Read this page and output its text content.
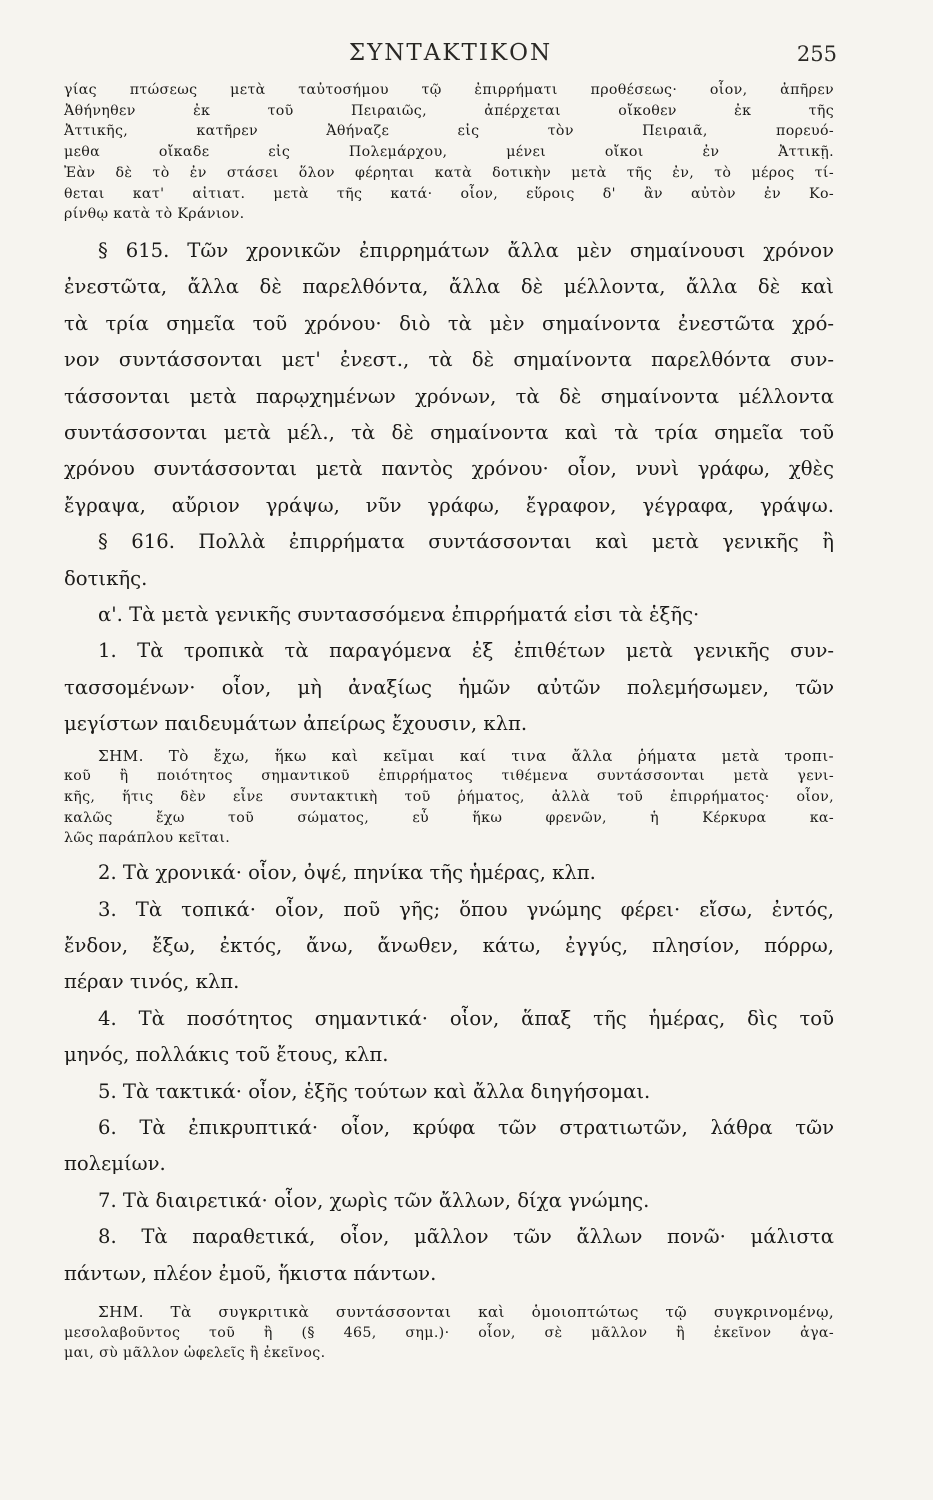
ΣΥΝΤΑΚΤΙΚΟΝ	255
γίας πτώσεως μετὰ ταὐτοσήμου τῷ ἐπιρρήματι προθέσεως· οἷον, ἀπῆρεν
Ἀθήνηθεν ἐκ τοῦ Πειραιῶς, ἀπέρχεται οἴκοθεν ἐκ τῆς
Ἀττικῆς, κατῆρεν Ἀθήναζε εἰς τὸν Πειραιᾶ, πορευό-
μεθα οἴκαδε εἰς Πολεμάρχου, μένει οἴκοι ἐν Ἀττικῇ.
Ἐὰν δὲ τὸ ἐν στάσει ὅλον φέρηται κατὰ δοτικὴν μετὰ τῆς ἐν, τὸ μέρος τί-
θεται κατ' αἰτιατ. μετὰ τῆς κατά· οἷον, εὕροις δ' ἂν αὐτὸν ἐν Κο-
ρίνθῳ κατὰ τὸ Κράνιον.
§ 615. Τῶν χρονικῶν ἐπιρρημάτων ἄλλα μὲν σημαίνουσι χρόνον
ἐνεστῶτα, ἄλλα δὲ παρελθόντα, ἄλλα δὲ μέλλοντα, ἄλλα δὲ καὶ
τὰ τρία σημεῖα τοῦ χρόνου· διὸ τὰ μὲν σημαίνοντα ἐνεστῶτα χρό-
νον συντάσσονται μετ' ἐνεστ., τὰ δὲ σημαίνοντα παρελθόντα συν-
τάσσονται μετὰ παρῳχημένων χρόνων, τὰ δὲ σημαίνοντα μέλλοντα
συντάσσονται μετὰ μέλ., τὰ δὲ σημαίνοντα καὶ τὰ τρία σημεῖα τοῦ
χρόνου συντάσσονται μετὰ παντὸς χρόνου· οἷον, νυνὶ γράφω, χθὲς
ἔγραψα, αὔριον γράψω, νῦν γράφω, ἔγραφον, γέγραφα, γράψω.
§ 616. Πολλὰ ἐπιρρήματα συντάσσονται καὶ μετὰ γενικῆς ἢ
δοτικῆς.
α'. Τὰ μετὰ γενικῆς συντασσόμενα ἐπιρρήματά εἰσι τὰ ἑξῆς·
1. Τὰ τροπικὰ τὰ παραγόμενα ἐξ ἐπιθέτων μετὰ γενικῆς συν-
τασσομένων· οἷον, μὴ ἀναξίως ἡμῶν αὐτῶν πολεμήσωμεν, τῶν
μεγίστων παιδευμάτων ἀπείρως ἔχουσιν, κλπ.
ΣΗΜ. Τὸ ἔχω, ἥκω καὶ κεῖμαι καί τινα ἄλλα ῥήματα μετὰ τροπι-
κοῦ ἢ ποιότητος σημαντικοῦ ἐπιρρήματος τιθέμενα συντάσσονται μετὰ γενι-
κῆς, ἥτις δὲν εἶνε συντακτικὴ τοῦ ῥήματος, ἀλλὰ τοῦ ἐπιρρήματος· οἷον,
καλῶς ἔχω τοῦ σώματος, εὖ ἥκω φρενῶν, ἡ Κέρκυρα κα-
λῶς παράπλου κεῖται.
2. Τὰ χρονικά· οἷον, ὀψέ, πηνίκα τῆς ἡμέρας, κλπ.
3. Τὰ τοπικά· οἷον, ποῦ γῆς; ὅπου γνώμης φέρει· εἴσω, ἐντός,
ἔνδον, ἔξω, ἐκτός, ἄνω, ἄνωθεν, κάτω, ἐγγύς, πλησίον, πόρρω,
πέραν τινός, κλπ.
4. Τὰ ποσότητος σημαντικά· οἷον, ἅπαξ τῆς ἡμέρας, δὶς τοῦ
μηνός, πολλάκις τοῦ ἔτους, κλπ.
5. Τὰ τακτικά· οἷον, ἑξῆς τούτων καὶ ἄλλα διηγήσομαι.
6. Τὰ ἐπικρυπτικά· οἷον, κρύφα τῶν στρατιωτῶν, λάθρα τῶν
πολεμίων.
7. Τὰ διαιρετικά· οἷον, χωρὶς τῶν ἄλλων, δίχα γνώμης.
8. Τὰ παραθετικά, οἷον, μᾶλλον τῶν ἄλλων πονῶ· μάλιστα
πάντων, πλέον ἐμοῦ, ἥκιστα πάντων.
ΣΗΜ. Τὰ συγκριτικὰ συντάσσονται καὶ ὁμοιοπτώτως τῷ συγκρινομένῳ,
μεσολαβοῦντος τοῦ ἢ (§ 465, σημ.)· οἷον, σὲ μᾶλλον ἢ ἐκεῖνον ἀγα-
μαι, σὺ μᾶλλον ὠφελεῖς ἢ ἐκεῖνος.
